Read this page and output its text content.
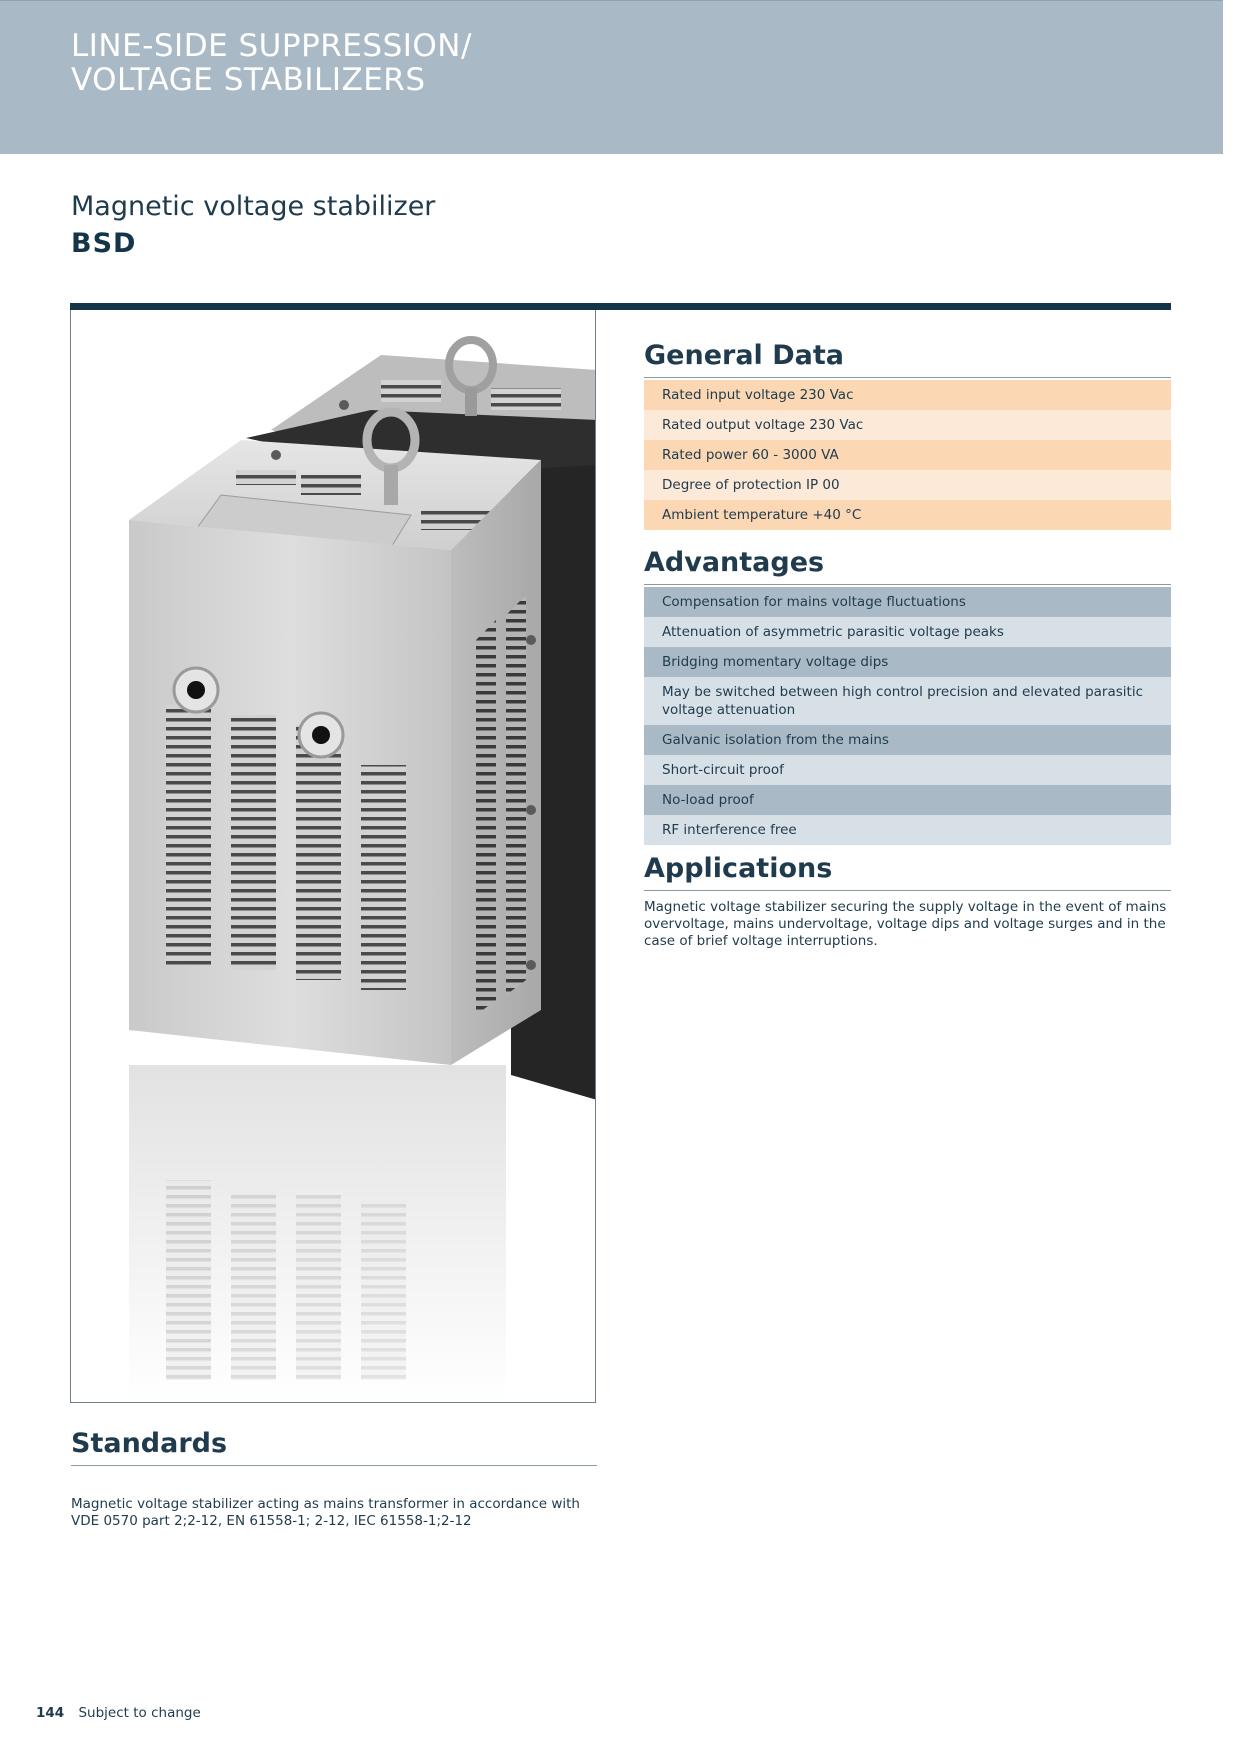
LINE-SIDE SUPPRESSION/
VOLTAGE STABILIZERS
Magnetic voltage stabilizer
BSD
General Data
Rated input voltage 230 Vac
Rated output voltage 230 Vac
Rated power 60 - 3000 VA
Degree of protection IP 00
Ambient temperature +40 °C
Advantages
Compensation for mains voltage fluctuations
Attenuation of asymmetric parasitic voltage peaks
Bridging momentary voltage dips
May be switched between high control precision and elevated parasitic voltage attenuation
Galvanic isolation from the mains
Short-circuit proof
No-load proof
RF interference free
Applications
Magnetic voltage stabilizer securing the supply voltage in the event of mains overvoltage, mains undervoltage, voltage dips and voltage surges and in the case of brief voltage interruptions.
Standards
Magnetic voltage stabilizer acting as mains transformer in accordance with VDE 0570 part 2;2-12, EN 61558-1; 2-12, IEC 61558-1;2-12
144 Subject to change
